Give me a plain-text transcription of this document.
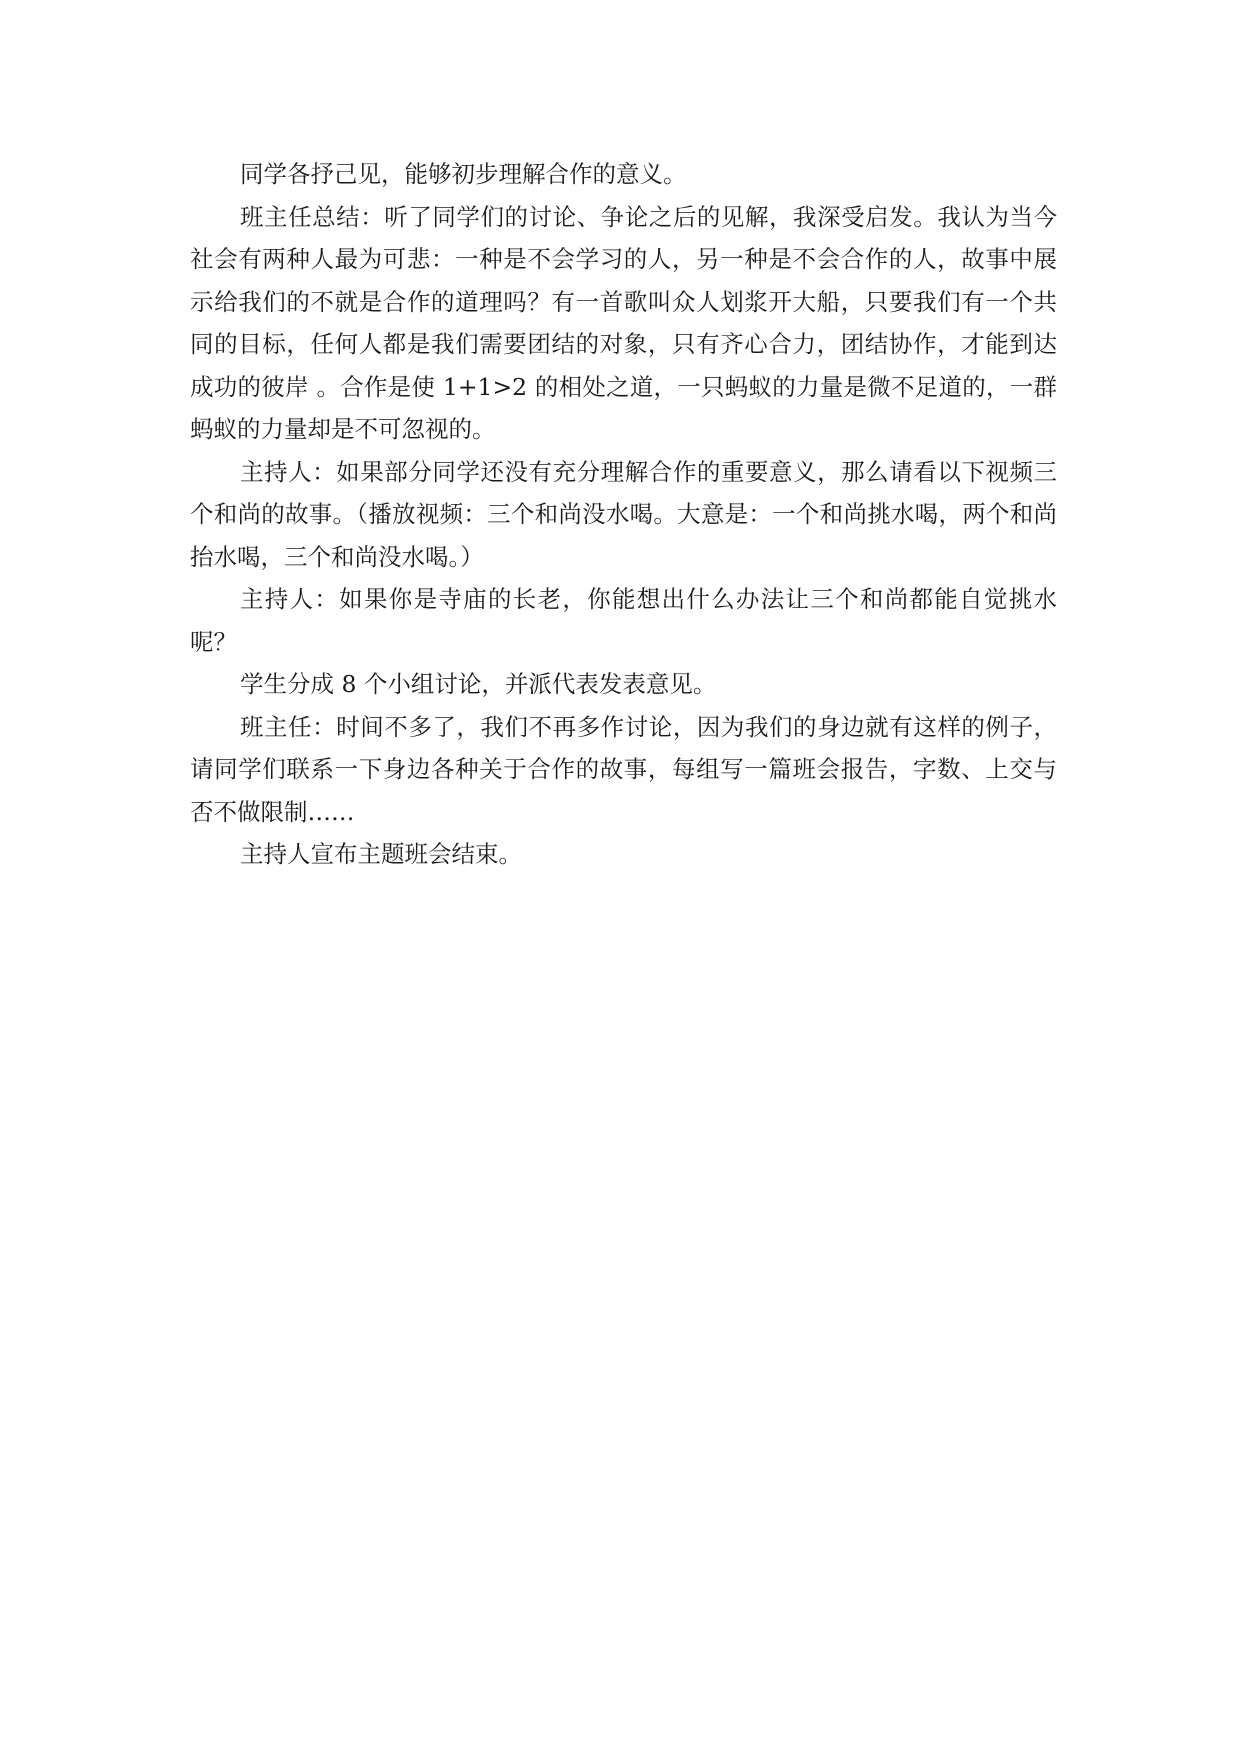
同学各抒己见，能够初步理解合作的意义。

班主任总结：听了同学们的讨论、争论之后的见解，我深受启发。我认为当今社会有两种人最为可悲：一种是不会学习的人，另一种是不会合作的人，故事中展示给我们的不就是合作的道理吗？有一首歌叫众人划浆开大船，只要我们有一个共同的目标，任何人都是我们需要团结的对象，只有齐心合力，团结协作，才能到达成功的彼岸 。合作是使 1+1>2 的相处之道，一只蚂蚁的力量是微不足道的，一群蚂蚁的力量却是不可忽视的。

主持人：如果部分同学还没有充分理解合作的重要意义，那么请看以下视频三个和尚的故事。（播放视频：三个和尚没水喝。大意是：一个和尚挑水喝，两个和尚抬水喝，三个和尚没水喝。）

主持人：如果你是寺庙的长老，你能想出什么办法让三个和尚都能自觉挑水呢？

学生分成 8 个小组讨论，并派代表发表意见。

班主任：时间不多了，我们不再多作讨论，因为我们的身边就有这样的例子，请同学们联系一下身边各种关于合作的故事，每组写一篇班会报告，字数、上交与否不做限制……

主持人宣布主题班会结束。
